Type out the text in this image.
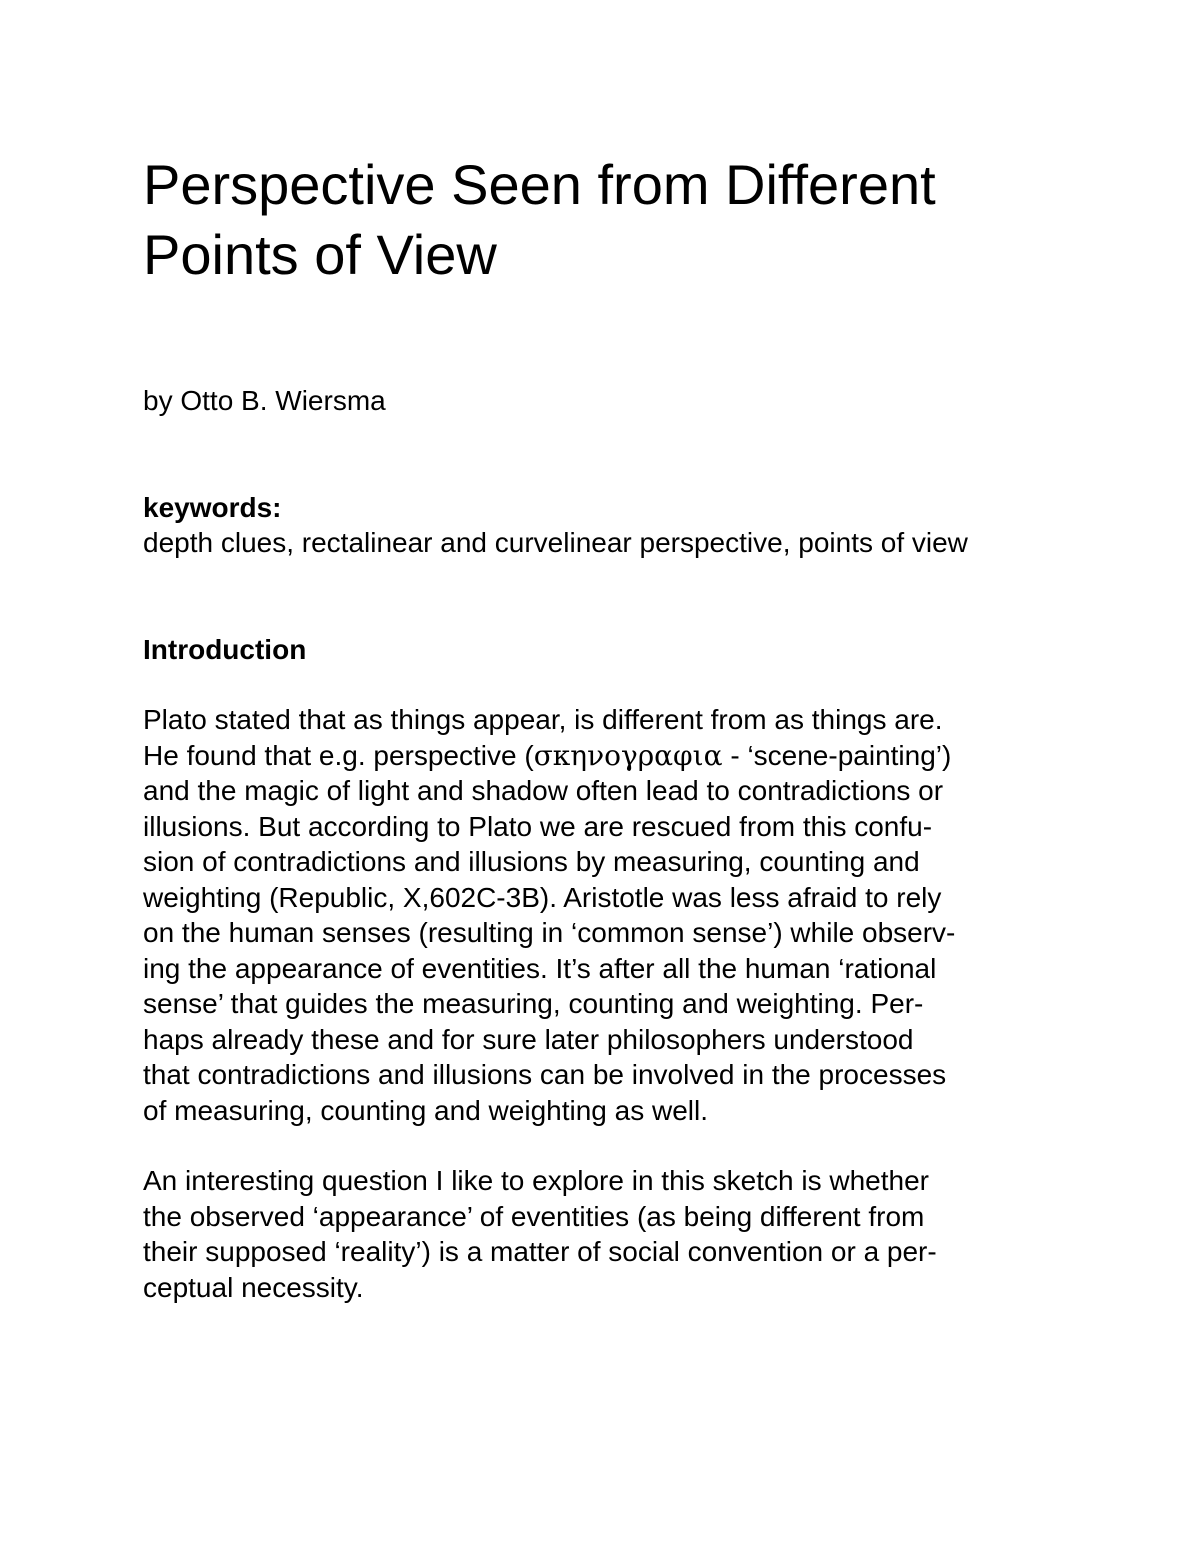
Perspective Seen from Different
Points of View
by Otto B. Wiersma
keywords:
depth clues, rectalinear and curvelinear perspective, points of view
Introduction
Plato stated that as things appear, is different from as things are.
He found that e.g. perspective (σκηνογραφια - ‘scene-painting’)
and the magic of light and shadow often lead to contradictions or
illusions. But according to Plato we are rescued from this confu-
sion of contradictions and illusions by measuring, counting and
weighting (Republic, X,602C-3B). Aristotle was less afraid to rely
on the human senses (resulting in ‘common sense’) while observ-
ing the appearance of eventities. It’s after all the human ‘rational
sense’ that guides the measuring, counting and weighting. Per-
haps already these and for sure later philosophers understood
that contradictions and illusions can be involved in the processes
of measuring, counting and weighting as well.
An interesting question I like to explore in this sketch is whether
the observed ‘appearance’ of eventities (as being different from
their supposed ‘reality’) is a matter of social convention or a per-
ceptual necessity.
